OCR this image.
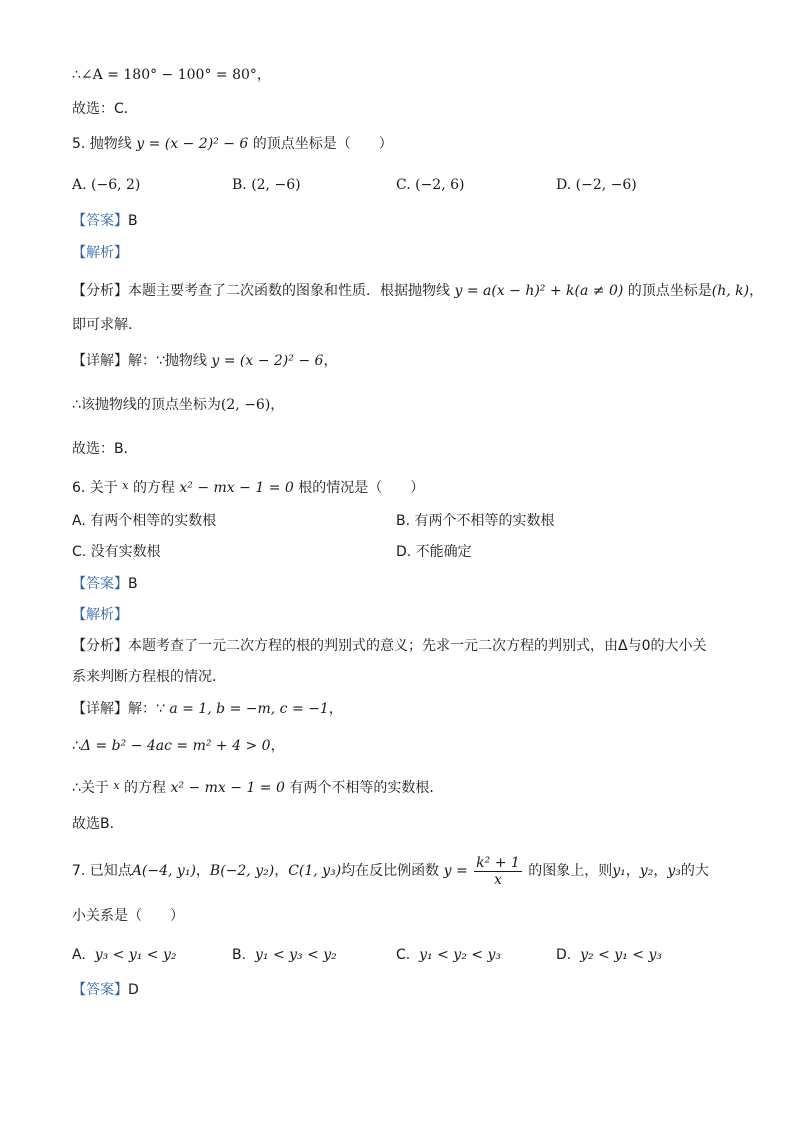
∴∠A = 180° − 100° = 80°，
故选：C．
5. 抛物线 y = (x − 2)² − 6 的顶点坐标是（　　）
A. (−6, 2)	B. (2, −6)	C. (−2, 6)	D. (−2, −6)
【答案】B
【解析】
【分析】本题主要考查了二次函数的图象和性质．根据抛物线 y = a(x − h)² + k(a ≠ 0) 的顶点坐标是(h, k)，
即可求解．
【详解】解：∵抛物线 y = (x − 2)² − 6，
∴该抛物线的顶点坐标为(2, −6)，
故选：B．
6. 关于 $^x$ 的方程 x² − mx − 1 = 0 根的情况是（　　）
A. 有两个相等的实数根	B. 有两个不相等的实数根
C. 没有实数根	D. 不能确定
【答案】B
【解析】
【分析】本题考查了一元二次方程的根的判别式的意义；先求一元二次方程的判别式，由Δ与0的大小关
系来判断方程根的情况．
【详解】解：∵ a = 1, b = −m, c = −1，
∴Δ = b² − 4ac = m² + 4 > 0，
∴关于 $^x$ 的方程 x² − mx − 1 = 0 有两个不相等的实数根．
故选B．
7. 已知点A(−4, y₁)，B(−2, y₂)，C(1, y₃)均在反比例函数 $y = \frac{\text{k² + 1}}{x}$ 的图象上，则y₁，y₂，y₃的大
小关系是（　　）
A. y₃ < y₁ < y₂	B. y₁ < y₃ < y₂	C. y₁ < y₂ < y₃	D. y₂ < y₁ < y₃
【答案】D
